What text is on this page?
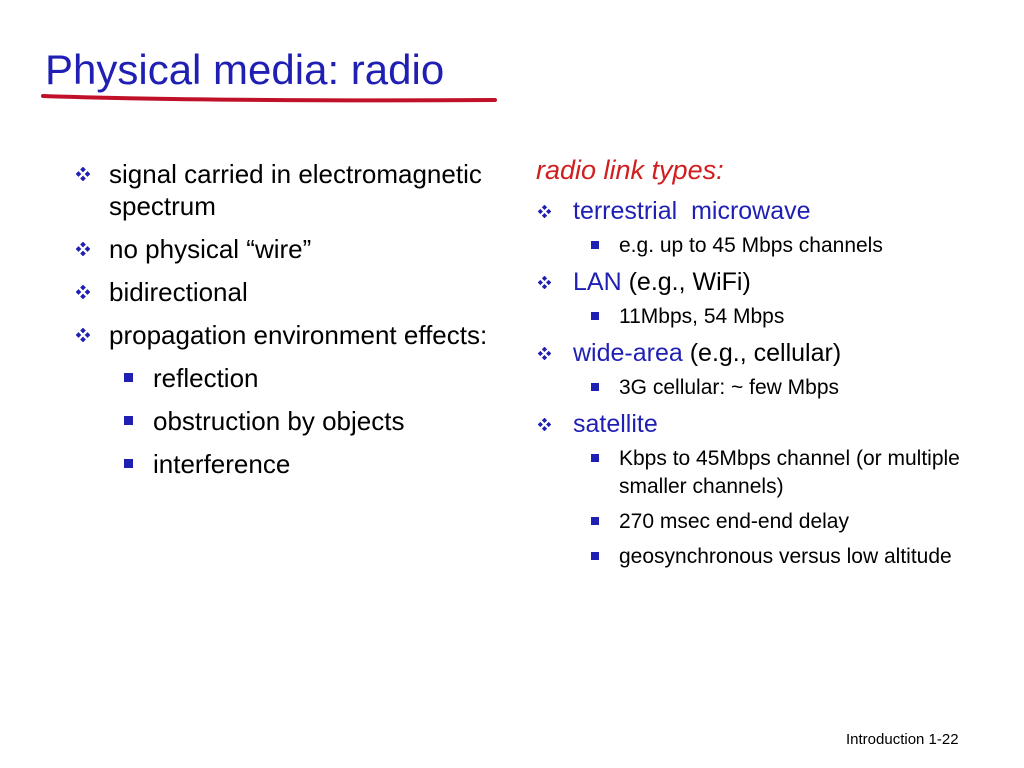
Physical media: radio
signal carried in electromagnetic spectrum
no physical “wire”
bidirectional
propagation environment effects:
reflection
obstruction by objects
interference
radio link types:
terrestrial  microwave
e.g. up to 45 Mbps channels
LAN (e.g., WiFi)
11Mbps, 54 Mbps
wide-area (e.g., cellular)
3G cellular: ~ few Mbps
satellite
Kbps to 45Mbps channel (or multiple smaller channels)
270 msec end-end delay
geosynchronous versus low altitude
Introduction 1-22
